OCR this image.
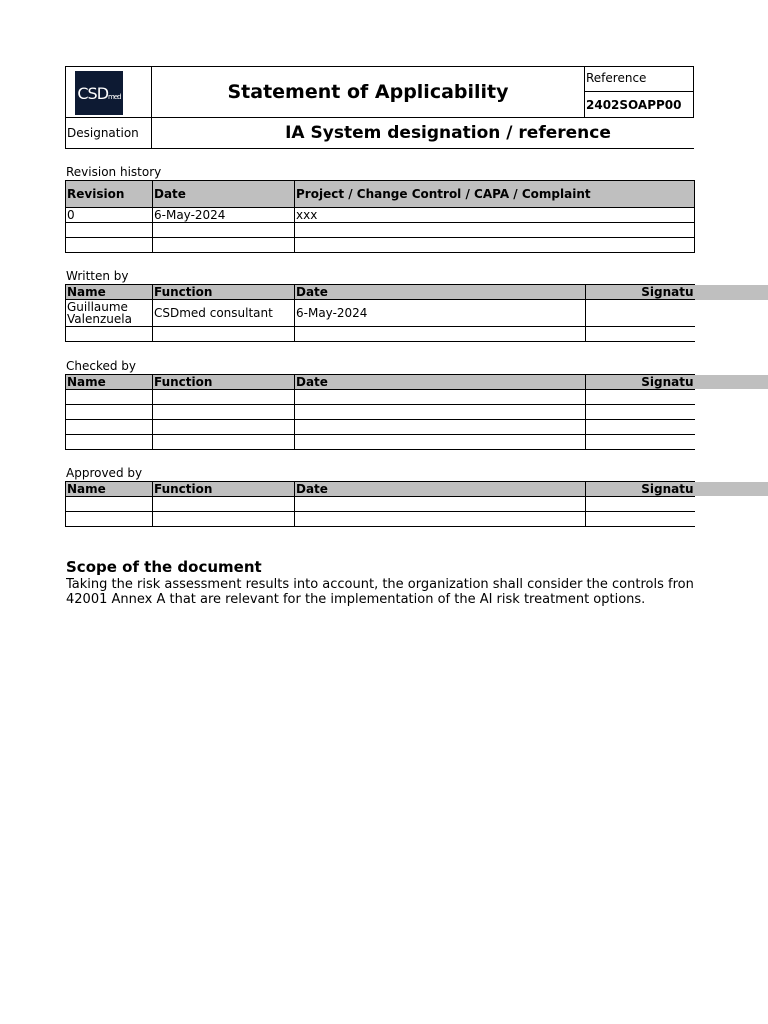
CSD med	Statement of Applicability
Reference
2402SOAPP00
Designation	IA System designation / reference
Revision history
Revision	Date	Project / Change Control / CAPA / Complaint
0	6-May-2024	xxx

Written by
Name	Function	Date	Signatu
Guillaume
Valenzuela	CSDmed consultant	6-May-2024	

Checked by
Name	Function	Date	Signatu

Approved by
Name	Function	Date	Signatu

Scope of the document
Taking the risk assessment results into account, the organization shall consider the controls fron
42001 Annex A that are relevant for the implementation of the AI risk treatment options.
